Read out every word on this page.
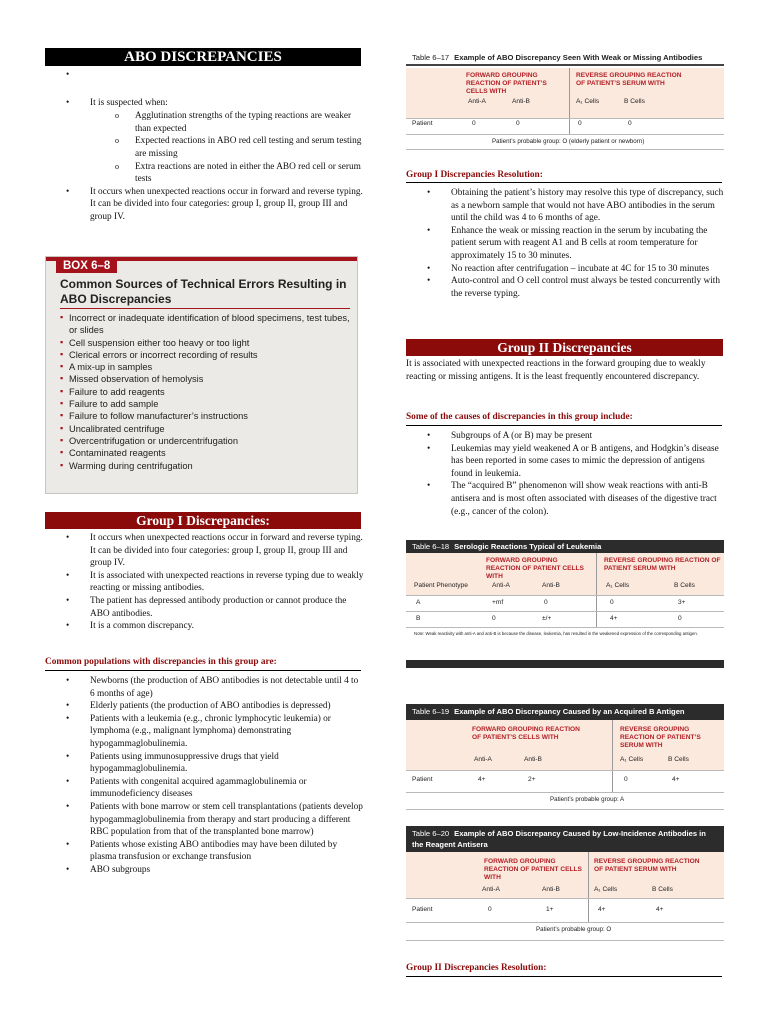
ABO DISCREPANCIES
•
• It is suspected when:
o Agglutination strengths of the typing reactions are weaker than expected
o Expected reactions in ABO red cell testing and serum testing are missing
o Extra reactions are noted in either the ABO red cell or serum tests
• It occurs when unexpected reactions occur in forward and reverse typing. It can be divided into four categories: group I, group II, group III and group IV.
BOX 6–8
Common Sources of Technical Errors Resulting in ABO Discrepancies
▪ Incorrect or inadequate identification of blood specimens, test tubes, or slides
▪ Cell suspension either too heavy or too light
▪ Clerical errors or incorrect recording of results
▪ A mix-up in samples
▪ Missed observation of hemolysis
▪ Failure to add reagents
▪ Failure to add sample
▪ Failure to follow manufacturer’s instructions
▪ Uncalibrated centrifuge
▪ Overcentrifugation or undercentrifugation
▪ Contaminated reagents
▪ Warming during centrifugation
Group I Discrepancies:
• It occurs when unexpected reactions occur in forward and reverse typing. It can be divided into four categories: group I, group II, group III and group IV.
• It is associated with unexpected reactions in reverse typing due to weakly reacting or missing antibodies.
• The patient has depressed antibody production or cannot produce the ABO antibodies.
• It is a common discrepancy.
Common populations with discrepancies in this group are:
• Newborns (the production of ABO antibodies is not detectable until 4 to 6 months of age)
• Elderly patients (the production of ABO antibodies is depressed)
• Patients with a leukemia (e.g., chronic lymphocytic leukemia) or lymphoma (e.g., malignant lymphoma) demonstrating hypogammaglobulinemia.
• Patients using immunosuppressive drugs that yield hypogammaglobulinemia.
• Patients with congenital acquired agammaglobulinemia or immunodeficiency diseases
• Patients with bone marrow or stem cell transplantations (patients develop hypogammaglobulinemia from therapy and start producing a different RBC population from that of the transplanted bone marrow)
• Patients whose existing ABO antibodies may have been diluted by plasma transfusion or exchange transfusion
• ABO subgroups
Table 6–17 Example of ABO Discrepancy Seen With Weak or Missing Antibodies
FORWARD GROUPING REACTION OF PATIENT’S CELLS WITH
REVERSE GROUPING REACTION OF PATIENT’S SERUM WITH
Anti-A	Anti-B	A₁ Cells	B Cells
Patient	0	0	0	0
Patient’s probable group: O (elderly patient or newborn)
Group I Discrepancies Resolution:
• Obtaining the patient’s history may resolve this type of discrepancy, such as a newborn sample that would not have ABO antibodies in the serum until the child was 4 to 6 months of age.
• Enhance the weak or missing reaction in the serum by incubating the patient serum with reagent A1 and B cells at room temperature for approximately 15 to 30 minutes.
• No reaction after centrifugation – incubate at 4C for 15 to 30 minutes
• Auto-control and O cell control must always be tested concurrently with the reverse typing.
Group II Discrepancies
It is associated with unexpected reactions in the forward grouping due to weakly reacting or missing antigens. It is the least frequently encountered discrepancy.
Some of the causes of discrepancies in this group include:
• Subgroups of A (or B) may be present
• Leukemias may yield weakened A or B antigens, and Hodgkin’s disease has been reported in some cases to mimic the depression of antigens found in leukemia.
• The “acquired B” phenomenon will show weak reactions with anti-B antisera and is most often associated with diseases of the digestive tract (e.g., cancer of the colon).
Table 6–18 Serologic Reactions Typical of Leukemia
FORWARD GROUPING REACTION OF PATIENT CELLS WITH
REVERSE GROUPING REACTION OF PATIENT SERUM WITH
Patient Phenotype	Anti-A	Anti-B	A₁ Cells	B Cells
A	+mf	0	0	3+
B	0	±/+	4+	0
Note: Weak reactivity with anti-A and anti-B is because the disease, leukemia, has resulted in the weakened expression of the corresponding antigen.
Table 6–19 Example of ABO Discrepancy Caused by an Acquired B Antigen
FORWARD GROUPING REACTION OF PATIENT’S CELLS WITH
REVERSE GROUPING REACTION OF PATIENT’S SERUM WITH
Anti-A	Anti-B	A₁ Cells	B Cells
Patient	4+	2+	0	4+
Patient’s probable group: A
Table 6–20 Example of ABO Discrepancy Caused by Low-Incidence Antibodies in the Reagent Antisera
FORWARD GROUPING REACTION OF PATIENT CELLS WITH
REVERSE GROUPING REACTION OF PATIENT SERUM WITH
Anti-A	Anti-B	A₁ Cells	B Cells
Patient	0	1+	4+	4+
Patient’s probable group: O
Group II Discrepancies Resolution:
